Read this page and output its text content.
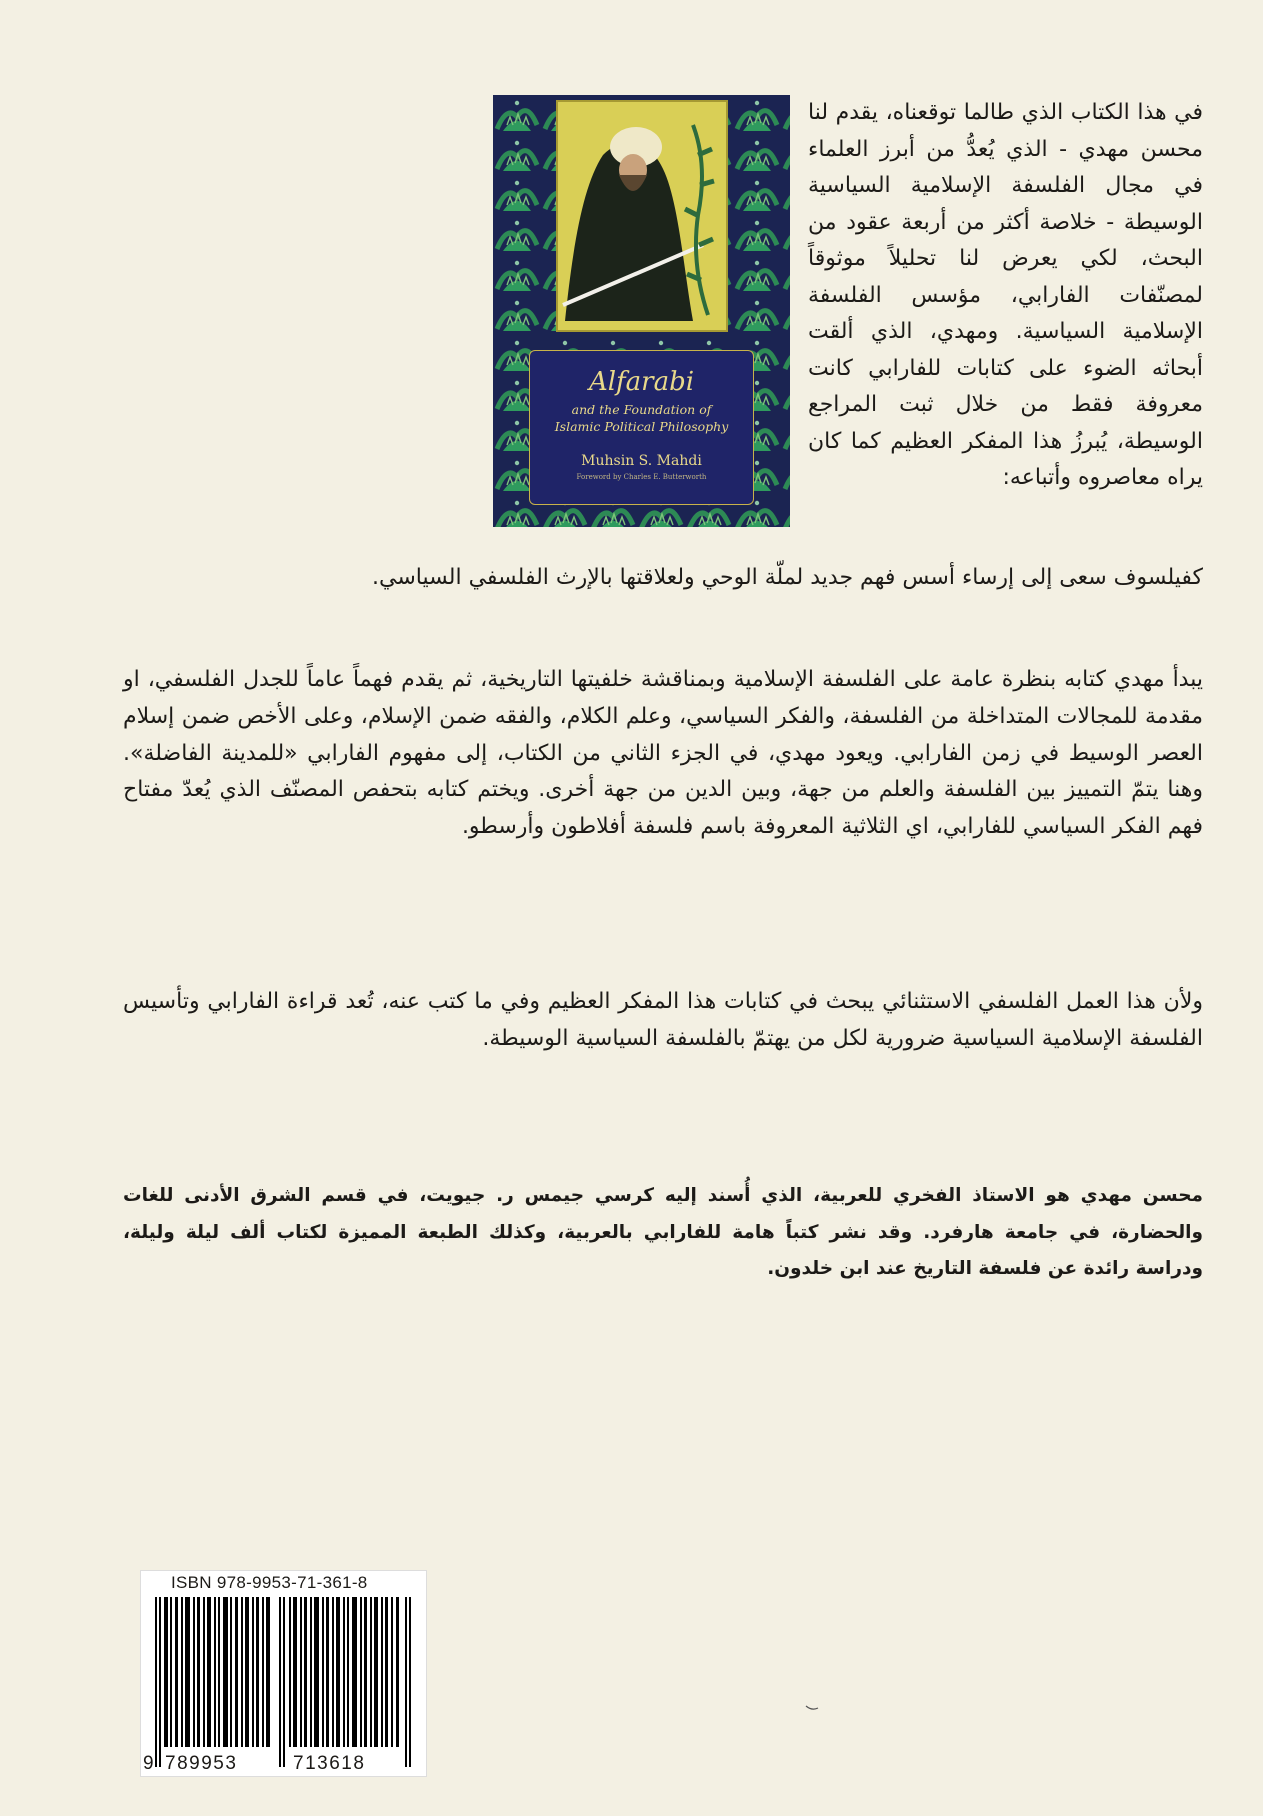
Alfarabi
and the Foundation of
Islamic Political Philosophy
Muhsin S. Mahdi
Foreword by Charles E. Butterworth
في هذا الكتاب الذي طالما توقعناه، يقدم لنا محسن مهدي - الذي يُعدُّ من أبرز العلماء في مجال الفلسفة الإسلامية السياسية الوسيطة - خلاصة أكثر من أربعة عقود من البحث، لكي يعرض لنا تحليلاً موثوقاً لمصنّفات الفارابي، مؤسس الفلسفة الإسلامية السياسية. ومهدي، الذي ألقت أبحاثه الضوء على كتابات للفارابي كانت معروفة فقط من خلال ثبت المراجع الوسيطة، يُبرزُ هذا المفكر العظيم كما كان يراه معاصروه وأتباعه:
كفيلسوف سعى إلى إرساء أسس فهم جديد لملّة الوحي ولعلاقتها بالإرث الفلسفي السياسي.
يبدأ مهدي كتابه بنظرة عامة على الفلسفة الإسلامية وبمناقشة خلفيتها التاريخية، ثم يقدم فهماً عاماً للجدل الفلسفي، او مقدمة للمجالات المتداخلة من الفلسفة، والفكر السياسي، وعلم الكلام، والفقه ضمن الإسلام، وعلى الأخص ضمن إسلام العصر الوسيط في زمن الفارابي. ويعود مهدي، في الجزء الثاني من الكتاب، إلى مفهوم الفارابي «للمدينة الفاضلة». وهنا يتمّ التمييز بين الفلسفة والعلم من جهة، وبين الدين من جهة أخرى. ويختم كتابه بتحفص المصنّف الذي يُعدّ مفتاح فهم الفكر السياسي للفارابي، اي الثلاثية المعروفة باسم فلسفة أفلاطون وأرسطو.
ولأن هذا العمل الفلسفي الاستثنائي يبحث في كتابات هذا المفكر العظيم وفي ما كتب عنه، تُعد قراءة الفارابي وتأسيس الفلسفة الإسلامية السياسية ضرورية لكل من يهتمّ بالفلسفة السياسية الوسيطة.
محسن مهدي هو الاستاذ الفخري للعربية، الذي أُسند إليه كرسي جيمس ر. جيويت، في قسم الشرق الأدنى للغات والحضارة، في جامعة هارفرد. وقد نشر كتباً هامة للفارابي بالعربية، وكذلك الطبعة المميزة لكتاب ألف ليلة وليلة، ودراسة رائدة عن فلسفة التاريخ عند ابن خلدون.
ISBN 978-9953-71-361-8
9 789953	713618
